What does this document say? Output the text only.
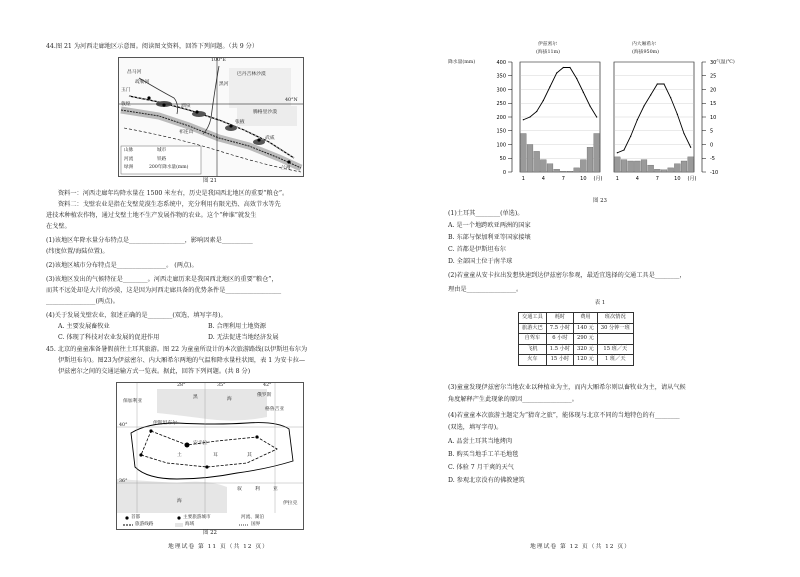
44.图 21 为河西走廊地区示意图。阅读图文资料，回答下列问题。（共 9 分）
100°E
40°N
昌马河
玉门
敦煌
疏勒河
张掖
武威
酒泉
黑河
祁连山
巴丹吉林沙漠
腾格里沙漠
兰州
山脉	城市
河流	铁路
绿洲	200年降水量(mm)
图 21
资料一：河西走廊年均降水量在 1500 米左右，历史是我国西北地区的重要“粮仓”。
资料二：戈壁农业是指在戈壁荒漠生态系统中，充分利用有限光热、高效节水等先
进技术种植农作物，通过戈壁土地不生产发展作物的农业。这个“种谁”就发生
在戈壁。
(1)该地区年降水量分布特点是__________________，影响因素是__________
(纬度位置/海陆位置)。
(2)该地区城市分布特点是________________。 (两点)。
(3)该地区发出的气候特征是________。河西走廊历来是我国西北地区的重要“粮仓”，
而其不远处却是大片的沙漠，这是因为河西走廊具备的优势条件是__________________
________________(两点)。
(4)关于发展戈壁农业，叙述正确的是________(双选，填写字母)。
A. 主要发展畜牧业	B. 合理利用土地资源
C. 体现了科技对农业发展的促进作用	D. 无法促进当地经济发展
45. 北京的童童准备暑假前往土耳其旅游。图 22 为童童所设计的本次旅游路线(以伊斯坦布尔为
伊斯坦布尔)。图23为伊兹密尔、内大厢希尔两地的气温和降水量柱状图，表 1 为安卡拉—
伊兹密尔之间的交通运输方式一览表。据此，回答下列问题。(共 8 分)
28°	35°	42°
40°
36°
黑	海
俄罗斯
格鲁吉亚
保加利亚
伊斯坦布尔
安卡拉
土	耳	其
叙	利	亚
伊拉克
海
首都	主要旅游城市	河流、湖泊
旅游线路	海域	国界
图 22
地理试卷 第 11 页（共 12 页）
0
50
100
150
200
250
300
350
400
-10
-5
0
5
10
15
20
25
30
1	4	7	10 (月)	1	4	7	10 (月)
伊兹密尔
(海拔11m)
内大厢希尔
(海拔950m)
降水量(mm)	气温(℃)
图 23
(1)土耳其________(单选)。
A. 是一个地跨欧亚两洲的国家
B. 东部与保加利亚等国家接壤
C. 首都是伊斯坦布尔
D. 全部国土位于南半球
(2)若童童从安卡拉出发想快速到达伊兹密尔参观，最适宜选择的交通工具是________，
理由是________________。
表 1
交通工具	耗时	费用	班次情况
旅游大巴	7.5 小时	140 元	30 分钟一班
自驾车	6 小时	290 元	
飞机	1.5 小时	320 元	15 班／天
火车	15 小时	120 元	1 班／天
(3)童童发现伊兹密尔当地农业以种植业为主，而内大厢希尔则以畜牧业为主，请从气候
角度解释产生此现象的原因________________。
(4)若童童本次旅游主题定为“猜奇之旅”，能体现与北京不同的当地特色的有________
(双选，填写字母)。
A. 品尝土耳其当地烤肉
B. 购买当地手工羊毛地毯
C. 体验 7 月干爽的天气
D. 参观北京没有的佛教建筑
地理试卷 第 12 页（共 12 页）
